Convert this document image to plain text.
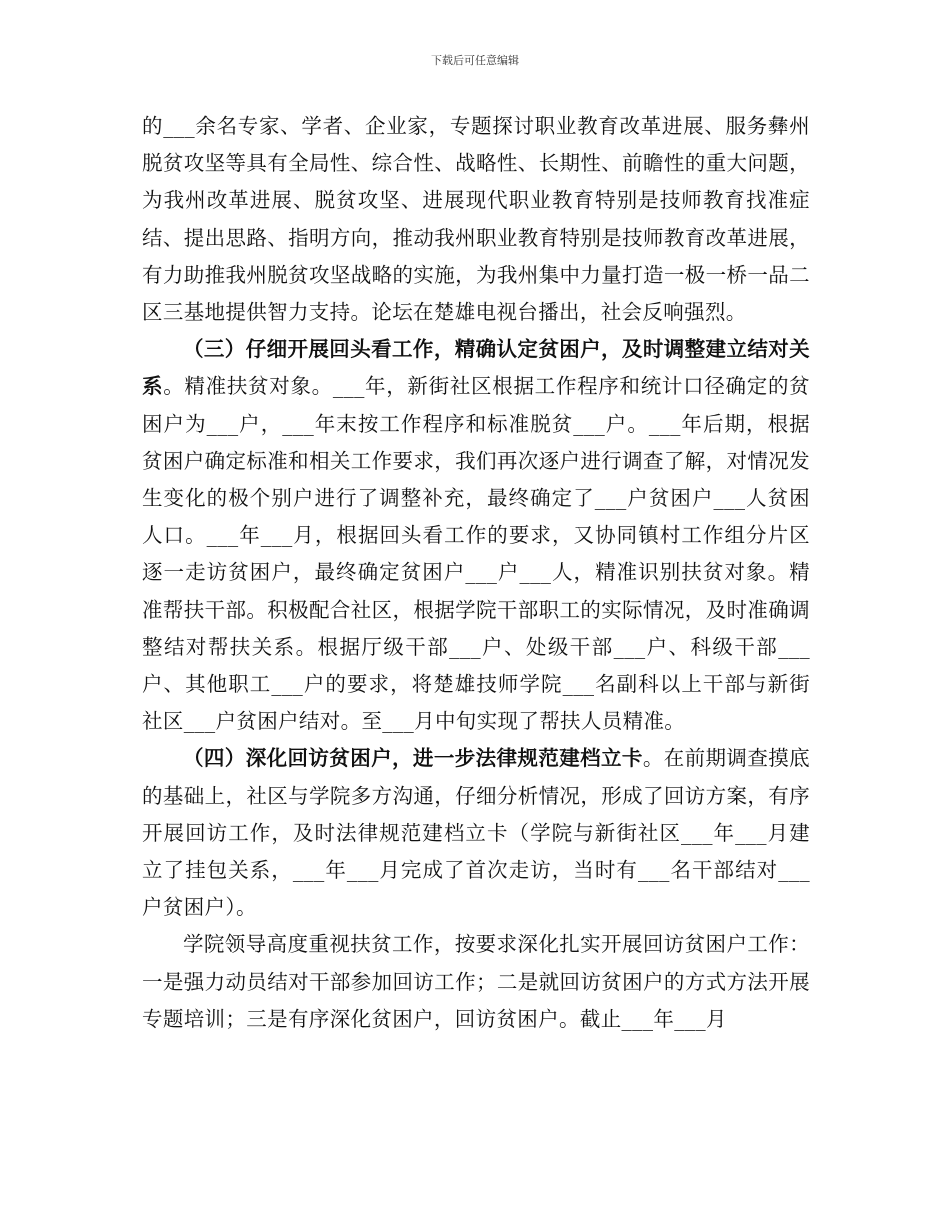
下载后可任意编辑

的___余名专家、学者、企业家，专题探讨职业教育改革进展、服务彝州脱贫攻坚等具有全局性、综合性、战略性、长期性、前瞻性的重大问题，为我州改革进展、脱贫攻坚、进展现代职业教育特别是技师教育找准症结、提出思路、指明方向，推动我州职业教育特别是技师教育改革进展，有力助推我州脱贫攻坚战略的实施，为我州集中力量打造一极一桥一品二区三基地提供智力支持。论坛在楚雄电视台播出，社会反响强烈。

（三）仔细开展回头看工作，精确认定贫困户，及时调整建立结对关系。精准扶贫对象。___年，新街社区根据工作程序和统计口径确定的贫困户为___户，___年末按工作程序和标准脱贫___户。___年后期，根据贫困户确定标准和相关工作要求，我们再次逐户进行调查了解，对情况发生变化的极个别户进行了调整补充，最终确定了___户贫困户___人贫困人口。___年___月，根据回头看工作的要求，又协同镇村工作组分片区逐一走访贫困户，最终确定贫困户___户___人，精准识别扶贫对象。精准帮扶干部。积极配合社区，根据学院干部职工的实际情况，及时准确调整结对帮扶关系。根据厅级干部___户、处级干部___户、科级干部___户、其他职工___户的要求，将楚雄技师学院___名副科以上干部与新街社区___户贫困户结对。至___月中旬实现了帮扶人员精准。

（四）深化回访贫困户，进一步法律规范建档立卡。在前期调查摸底的基础上，社区与学院多方沟通，仔细分析情况，形成了回访方案，有序开展回访工作，及时法律规范建档立卡（学院与新街社区___年___月建立了挂包关系，___年___月完成了首次走访，当时有___名干部结对___户贫困户）。

学院领导高度重视扶贫工作，按要求深化扎实开展回访贫困户工作：一是强力动员结对干部参加回访工作；二是就回访贫困户的方式方法开展专题培训；三是有序深化贫困户，回访贫困户。截止___年___月
